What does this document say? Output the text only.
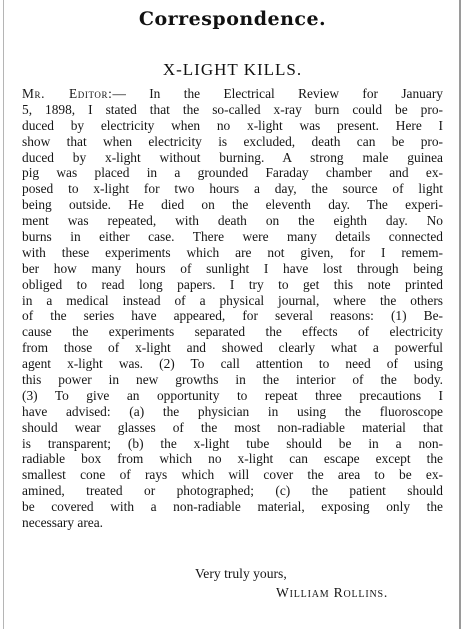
Correspondence.
X-LIGHT KILLS.
Mr. Editor:— In the Electrical Review for January
5, 1898, I stated that the so-called x-ray burn could be pro-
duced by electricity when no x-light was present. Here I
show that when electricity is excluded, death can be pro-
duced by x-light without burning. A strong male guinea
pig was placed in a grounded Faraday chamber and ex-
posed to x-light for two hours a day, the source of light
being outside. He died on the eleventh day. The experi-
ment was repeated, with death on the eighth day. No
burns in either case. There were many details connected
with these experiments which are not given, for I remem-
ber how many hours of sunlight I have lost through being
obliged to read long papers. I try to get this note printed
in a medical instead of a physical journal, where the others
of the series have appeared, for several reasons: (1) Be-
cause the experiments separated the effects of electricity
from those of x-light and showed clearly what a powerful
agent x-light was. (2) To call attention to need of using
this power in new growths in the interior of the body.
(3) To give an opportunity to repeat three precautions I
have advised: (a) the physician in using the fluoroscope
should wear glasses of the most non-radiable material that
is transparent; (b) the x-light tube should be in a non-
radiable box from which no x-light can escape except the
smallest cone of rays which will cover the area to be ex-
amined, treated or photographed; (c) the patient should
be covered with a non-radiable material, exposing only the
necessary area.
Very truly yours,
William Rollins.
